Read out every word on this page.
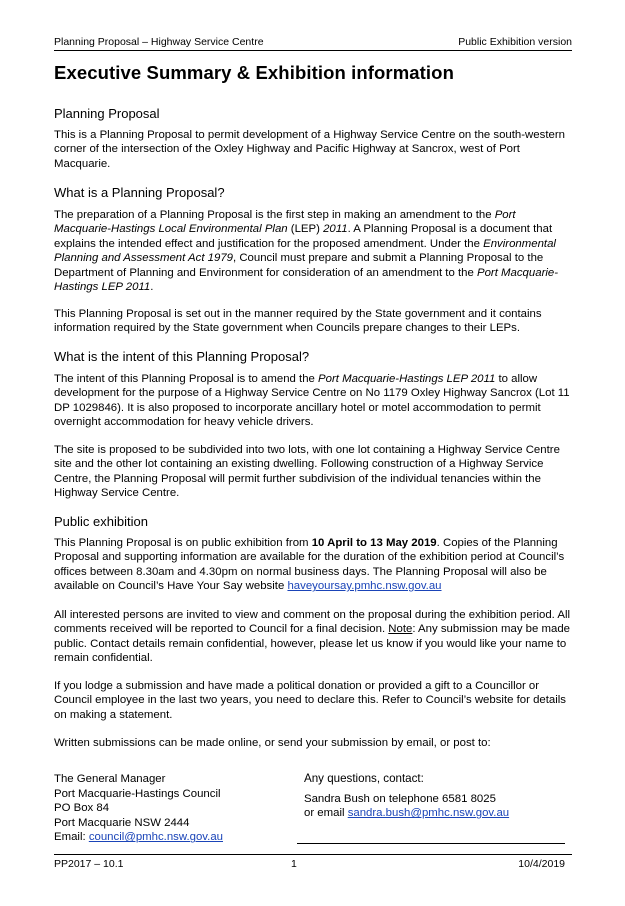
Planning Proposal – Highway Service Centre	Public Exhibition version
Executive Summary & Exhibition information
Planning Proposal
This is a Planning Proposal to permit development of a Highway Service Centre on the south-western corner of the intersection of the Oxley Highway and Pacific Highway at Sancrox, west of Port Macquarie.
What is a Planning Proposal?
The preparation of a Planning Proposal is the first step in making an amendment to the Port Macquarie-Hastings Local Environmental Plan (LEP) 2011. A Planning Proposal is a document that explains the intended effect and justification for the proposed amendment. Under the Environmental Planning and Assessment Act 1979, Council must prepare and submit a Planning Proposal to the Department of Planning and Environment for consideration of an amendment to the Port Macquarie-Hastings LEP 2011.
This Planning Proposal is set out in the manner required by the State government and it contains information required by the State government when Councils prepare changes to their LEPs.
What is the intent of this Planning Proposal?
The intent of this Planning Proposal is to amend the Port Macquarie-Hastings LEP 2011 to allow development for the purpose of a Highway Service Centre on No 1179 Oxley Highway Sancrox (Lot 11 DP 1029846). It is also proposed to incorporate ancillary hotel or motel accommodation to permit overnight accommodation for heavy vehicle drivers.
The site is proposed to be subdivided into two lots, with one lot containing a Highway Service Centre site and the other lot containing an existing dwelling. Following construction of a Highway Service Centre, the Planning Proposal will permit further subdivision of the individual tenancies within the Highway Service Centre.
Public exhibition
This Planning Proposal is on public exhibition from 10 April to 13 May 2019. Copies of the Planning Proposal and supporting information are available for the duration of the exhibition period at Council’s offices between 8.30am and 4.30pm on normal business days. The Planning Proposal will also be available on Council’s Have Your Say website haveyoursay.pmhc.nsw.gov.au
All interested persons are invited to view and comment on the proposal during the exhibition period. All comments received will be reported to Council for a final decision. Note: Any submission may be made public. Contact details remain confidential, however, please let us know if you would like your name to remain confidential.
If you lodge a submission and have made a political donation or provided a gift to a Councillor or Council employee in the last two years, you need to declare this. Refer to Council’s website for details on making a statement.
Written submissions can be made online, or send your submission by email, or post to:
The General Manager
Port Macquarie-Hastings Council
PO Box 84
Port Macquarie NSW 2444
Email: council@pmhc.nsw.gov.au
Any questions, contact:
Sandra Bush on telephone 6581 8025
or email sandra.bush@pmhc.nsw.gov.au
PP2017 – 10.1	1	10/4/2019
